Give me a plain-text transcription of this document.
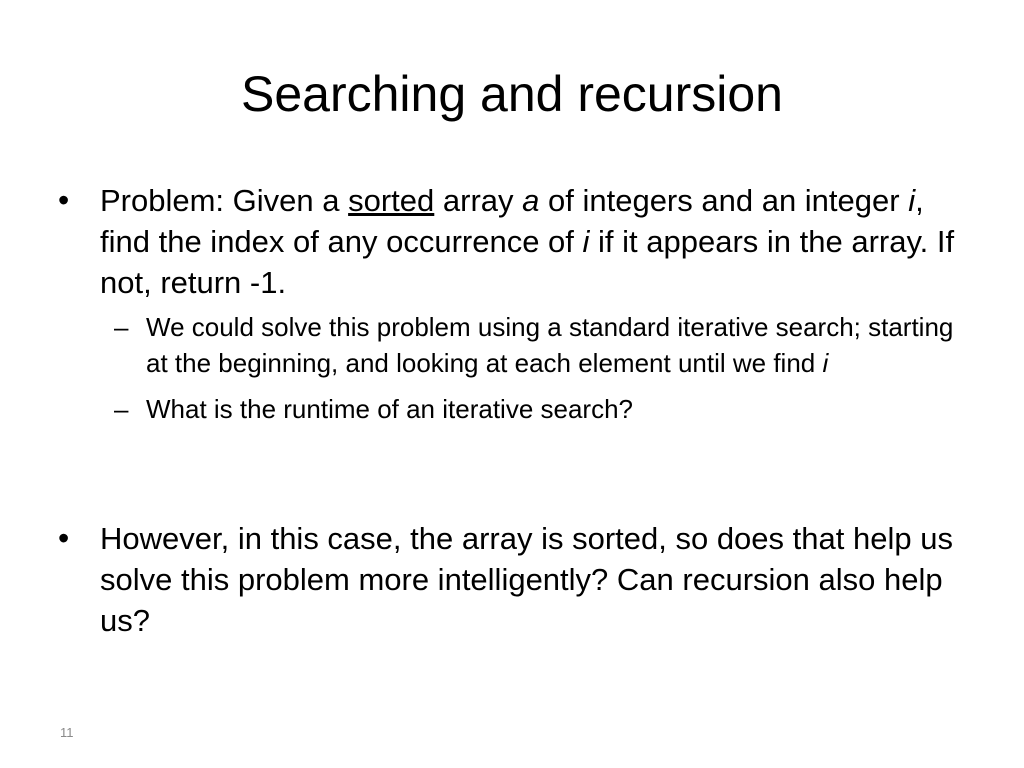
Searching and recursion
• Problem: Given a sorted array a of integers and an integer i, find the index of any occurrence of i if it appears in the array. If not, return -1.
– We could solve this problem using a standard iterative search; starting at the beginning, and looking at each element until we find i
– What is the runtime of an iterative search?
• However, in this case, the array is sorted, so does that help us solve this problem more intelligently? Can recursion also help us?
11
